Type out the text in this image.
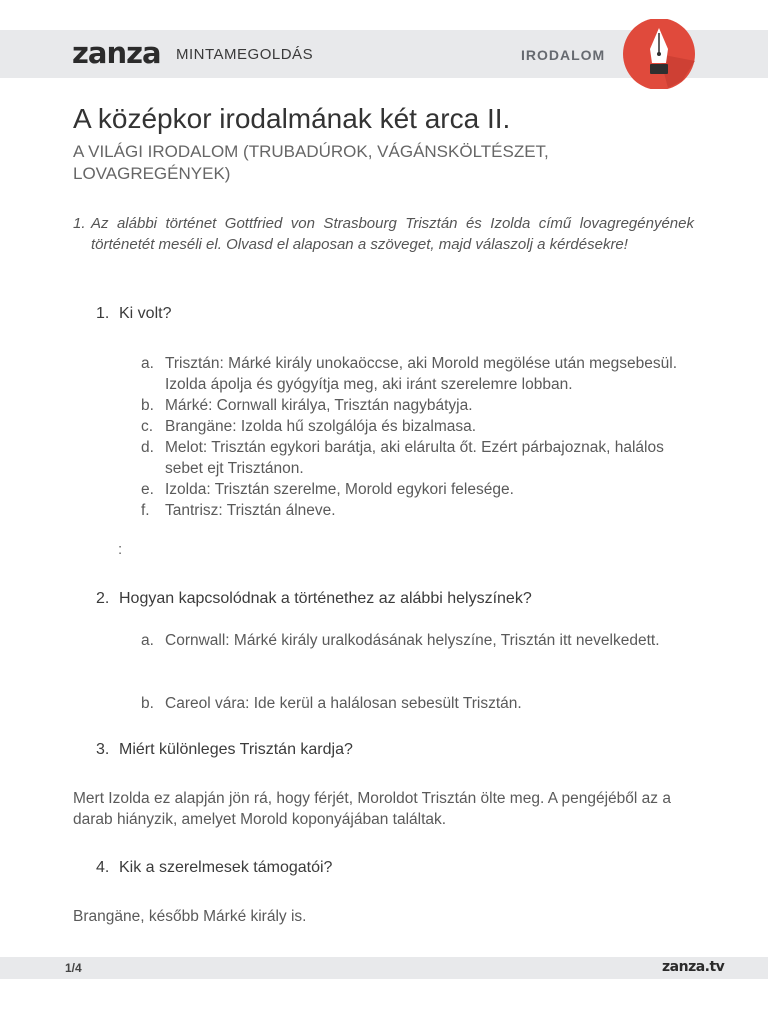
zanza MINTAMEGOLDÁS	IRODALOM
A középkor irodalmának két arca II.

A VILÁGI IRODALOM (TRUBADÚROK, VÁGÁNSKÖLTÉSZET, LOVAGREGÉNYEK)

1. Az alábbi történet Gottfried von Strasbourg Trisztán és Izolda című lovagregényének történetét meséli el. Olvasd el alaposan a szöveget, majd válaszolj a kérdésekre!
1. Ki volt?
a. Trisztán: Márké király unokaöccse, aki Morold megölése után megsebesül. Izolda ápolja és gyógyítja meg, aki iránt szerelemre lobban.
b. Márké: Cornwall királya, Trisztán nagybátyja.
c. Brangäne: Izolda hű szolgálója és bizalmasa.
d. Melot: Trisztán egykori barátja, aki elárulta őt. Ezért párbajoznak, halálos sebet ejt Trisztánon.
e. Izolda: Trisztán szerelme, Morold egykori felesége.
f. Tantrisz: Trisztán álneve.
:
2. Hogyan kapcsolódnak a történethez az alábbi helyszínek?
a. Cornwall: Márké király uralkodásának helyszíne, Trisztán itt nevelkedett.
b. Careol vára: Ide kerül a halálosan sebesült Trisztán.
3. Miért különleges Trisztán kardja?
Mert Izolda ez alapján jön rá, hogy férjét, Moroldot Trisztán ölte meg. A pengéjéből az a darab hiányzik, amelyet Morold koponyájában találtak.
4. Kik a szerelmesek támogatói?
Brangäne, később Márké király is.
1/4	zanza.tv
